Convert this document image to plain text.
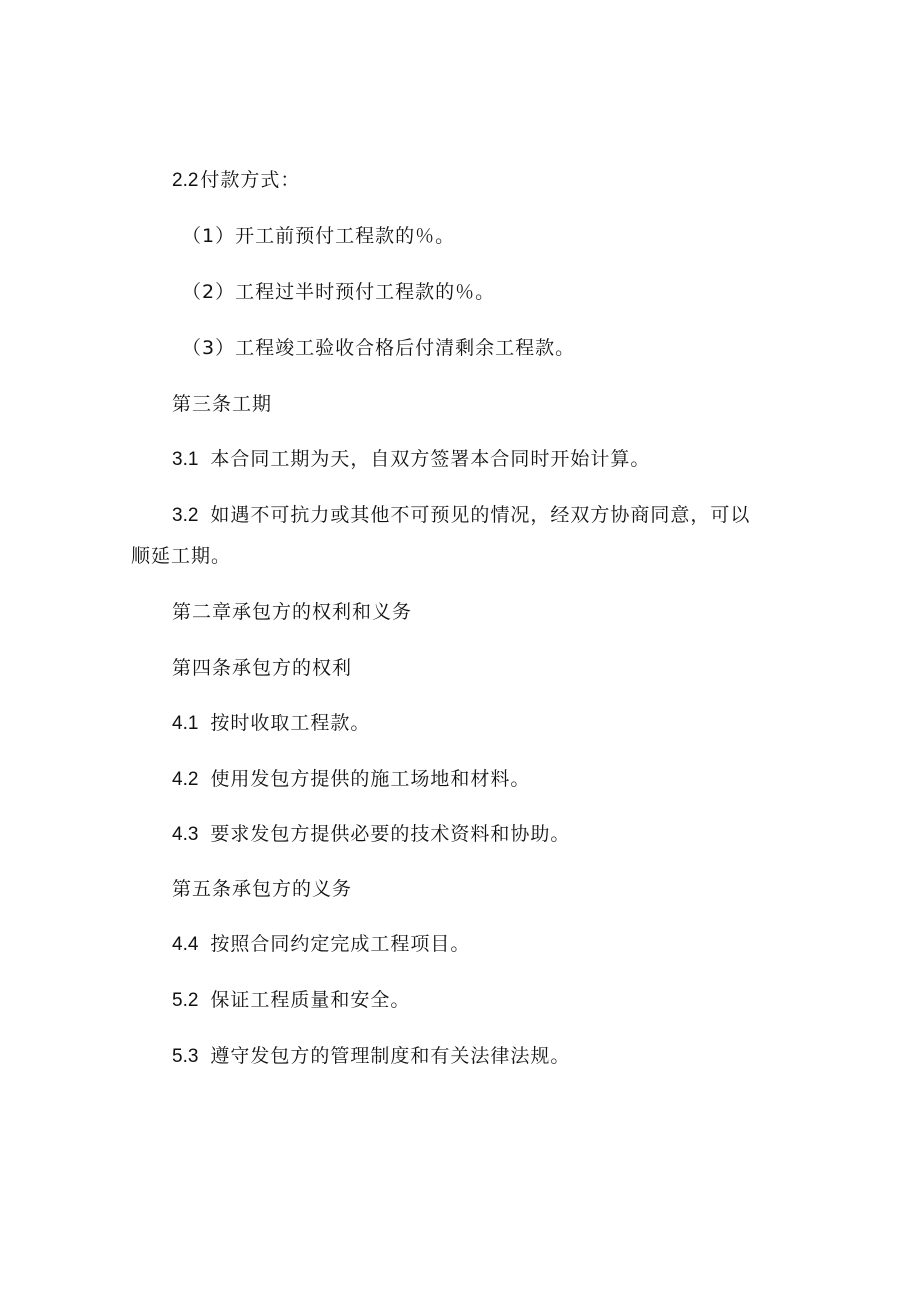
2.2 付款方式：
（1）开工前预付工程款的％。
（2）工程过半时预付工程款的％。
（3）工程竣工验收合格后付清剩余工程款。
第三条工期
3.1 本合同工期为天，自双方签署本合同时开始计算。
3.2 如遇不可抗力或其他不可预见的情况，经双方协商同意，可以
顺延工期。
第二章承包方的权利和义务
第四条承包方的权利
4.1 按时收取工程款。
4.2 使用发包方提供的施工场地和材料。
4.3 要求发包方提供必要的技术资料和协助。
第五条承包方的义务
4.4 按照合同约定完成工程项目。
5.2 保证工程质量和安全。
5.3 遵守发包方的管理制度和有关法律法规。
